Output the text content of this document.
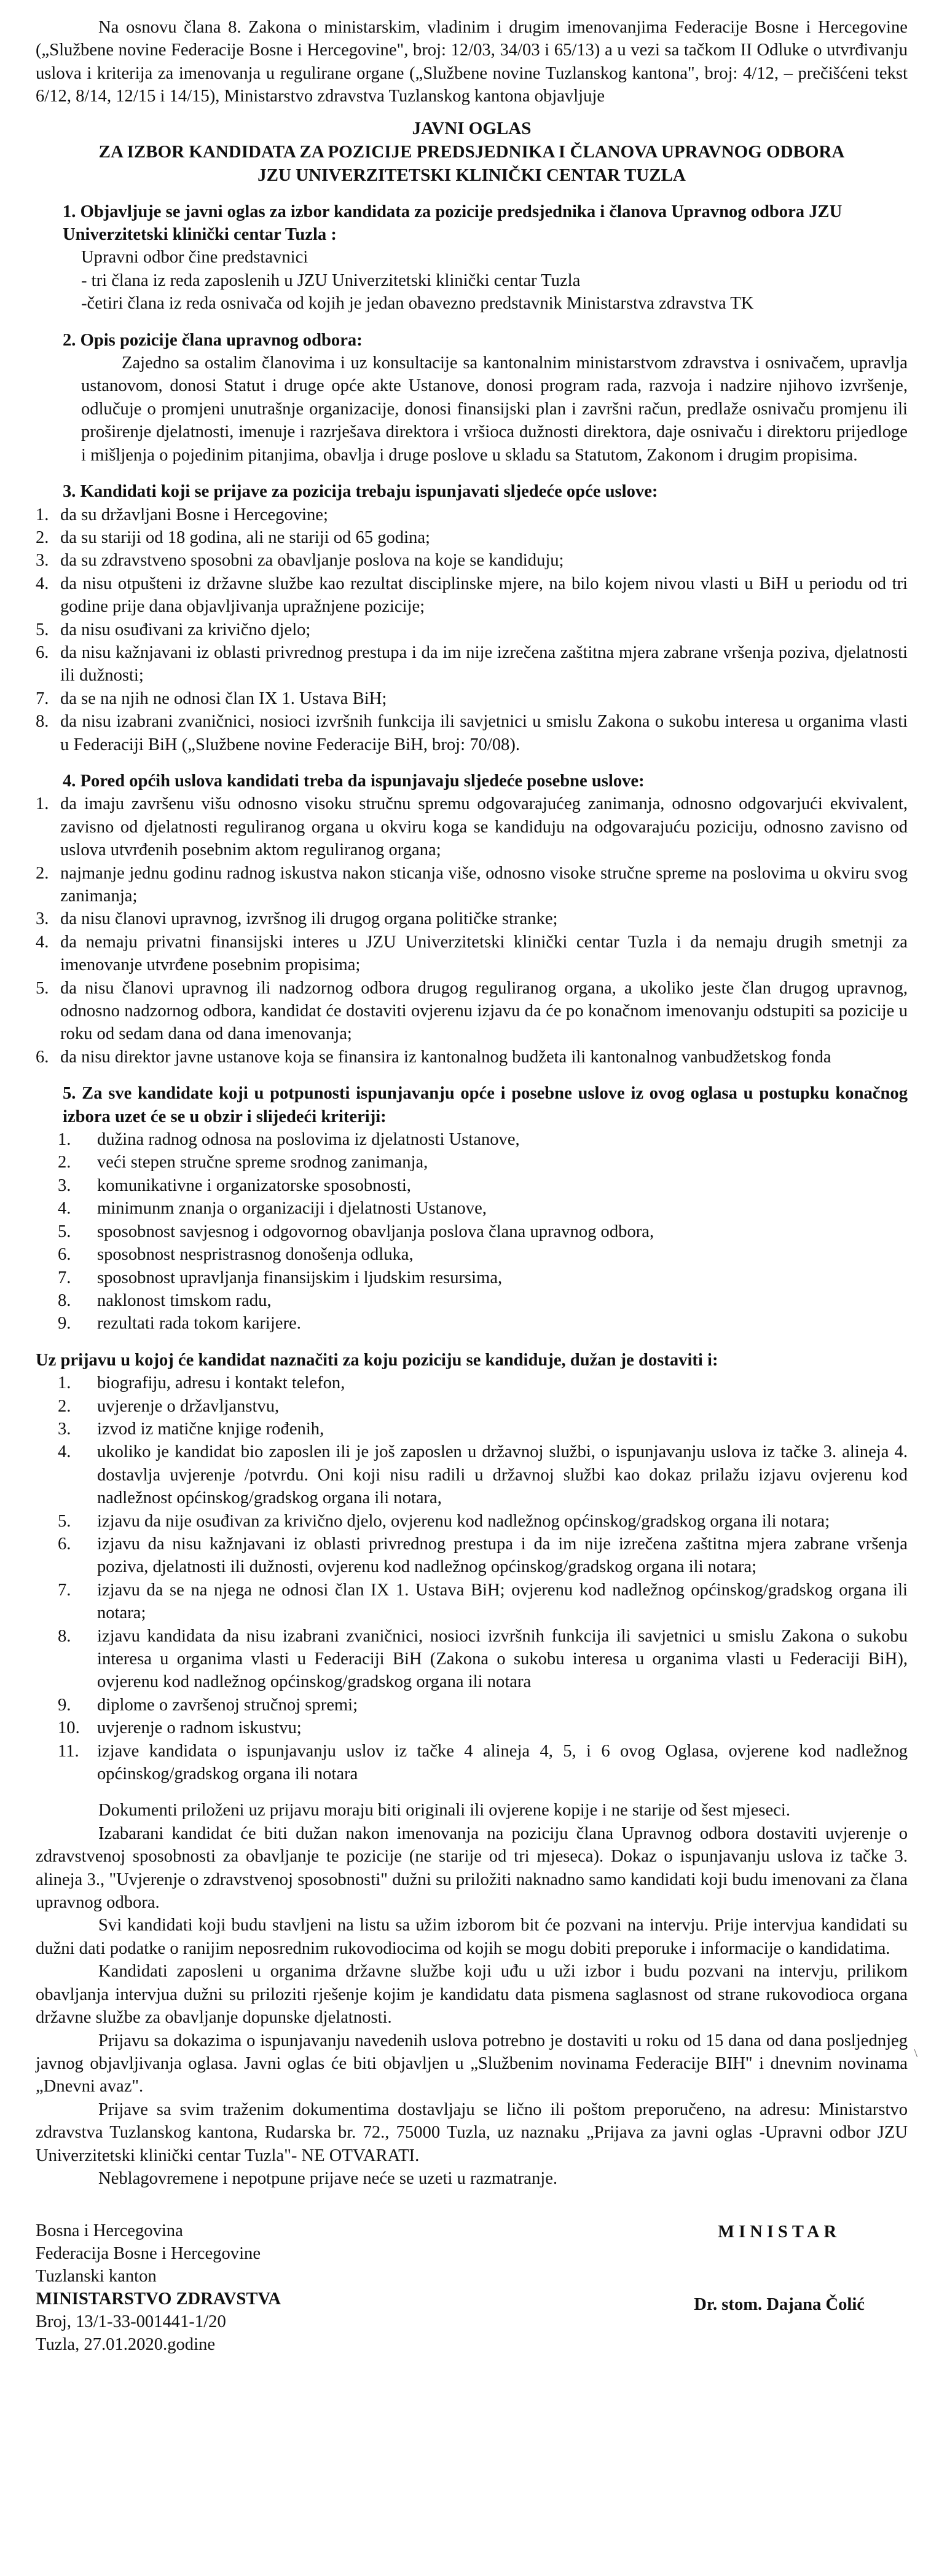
Na osnovu člana 8. Zakona o ministarskim, vladinim i drugim imenovanjima Federacije Bosne i Hercegovine („Službene novine Federacije Bosne i Hercegovine", broj: 12/03, 34/03 i 65/13) a u vezi sa tačkom II Odluke o utvrđivanju uslova i kriterija za imenovanja u regulirane organe („Službene novine Tuzlanskog kantona", broj: 4/12, – prečišćeni tekst 6/12, 8/14, 12/15 i 14/15), Ministarstvo zdravstva Tuzlanskog kantona objavljuje

JAVNI OGLAS
ZA IZBOR KANDIDATA ZA POZICIJE PREDSJEDNIKA I ČLANOVA UPRAVNOG ODBORA
JZU UNIVERZITETSKI KLINIČKI CENTAR TUZLA

1. Objavljuje se javni oglas za izbor kandidata za pozicije predsjednika i članova Upravnog odbora JZU Univerzitetski klinički centar Tuzla :

Upravni odbor čine predstavnici

- tri člana iz reda zaposlenih u JZU Univerzitetski klinički centar Tuzla

-četiri člana iz reda osnivača od kojih je jedan obavezno predstavnik Ministarstva zdravstva TK

2. Opis pozicije člana upravnog odbora:

Zajedno sa ostalim članovima i uz konsultacije sa kantonalnim ministarstvom zdravstva i osnivačem, upravlja ustanovom, donosi Statut i druge opće akte Ustanove, donosi program rada, razvoja i nadzire njihovo izvršenje, odlučuje o promjeni unutrašnje organizacije, donosi finansijski plan i završni račun, predlaže osnivaču promjenu ili proširenje djelatnosti, imenuje i razrješava direktora i vršioca dužnosti direktora, daje osnivaču i direktoru prijedloge i mišljenja o pojedinim pitanjima, obavlja i druge poslove u skladu sa Statutom, Zakonom i drugim propisima.

3. Kandidati koji se prijave za pozicija trebaju ispunjavati sljedeće opće uslove:

1. da su državljani Bosne i Hercegovine;
2. da su stariji od 18 godina, ali ne stariji od 65 godina;
3. da su zdravstveno sposobni za obavljanje poslova na koje se kandiduju;
4. da nisu otpušteni iz državne službe kao rezultat disciplinske mjere, na bilo kojem nivou vlasti u BiH u periodu od tri godine prije dana objavljivanja upražnjene pozicije;
5. da nisu osuđivani za krivično djelo;
6. da nisu kažnjavani iz oblasti privrednog prestupa i da im nije izrečena zaštitna mjera zabrane vršenja poziva, djelatnosti ili dužnosti;
7. da se na njih ne odnosi član IX 1. Ustava BiH;
8. da nisu izabrani zvaničnici, nosioci izvršnih funkcija ili savjetnici u smislu Zakona o sukobu interesa u organima vlasti u Federaciji BiH („Službene novine Federacije BiH, broj: 70/08).

4. Pored općih uslova kandidati treba da ispunjavaju sljedeće posebne uslove:

1. da imaju završenu višu odnosno visoku stručnu spremu odgovarajućeg zanimanja, odnosno odgovarjući ekvivalent, zavisno od djelatnosti reguliranog organa u okviru koga se kandiduju na odgovarajuću poziciju, odnosno zavisno od uslova utvrđenih posebnim aktom reguliranog organa;
2. najmanje jednu godinu radnog iskustva nakon sticanja više, odnosno visoke stručne spreme na poslovima u okviru svog zanimanja;
3. da nisu članovi upravnog, izvršnog ili drugog organa političke stranke;
4. da nemaju privatni finansijski interes u JZU Univerzitetski klinički centar Tuzla i da nemaju drugih smetnji za imenovanje utvrđene posebnim propisima;
5. da nisu članovi upravnog ili nadzornog odbora drugog reguliranog organa, a ukoliko jeste član drugog upravnog, odnosno nadzornog odbora, kandidat će dostaviti ovjerenu izjavu da će po konačnom imenovanju odstupiti sa pozicije u roku od sedam dana od dana imenovanja;
6. da nisu direktor javne ustanove koja se finansira iz kantonalnog budžeta ili kantonalnog vanbudžetskog fonda

5. Za sve kandidate koji u potpunosti ispunjavanju opće i posebne uslove iz ovog oglasa u postupku konačnog izbora uzet će se u obzir i slijedeći kriteriji:

1.	dužina radnog odnosa na poslovima iz djelatnosti Ustanove,
2.	veći stepen stručne spreme srodnog zanimanja,
3.	komunikativne i organizatorske sposobnosti,
4.	minimunm znanja o organizaciji i djelatnosti Ustanove,
5.	sposobnost savjesnog i odgovornog obavljanja poslova člana upravnog odbora,
6.	sposobnost nespristrasnog donošenja odluka,
7.	sposobnost upravljanja finansijskim i ljudskim resursima,
8.	naklonost timskom radu,
9.	rezultati rada tokom karijere.

Uz prijavu u kojoj će kandidat naznačiti za koju poziciju se kandiduje, dužan je dostaviti i:

1.	biografiju, adresu i kontakt telefon,
2.	uvjerenje o državljanstvu,
3.	izvod iz matične knjige rođenih,
4.	ukoliko je kandidat bio zaposlen ili je još zaposlen u državnoj službi, o ispunjavanju uslova iz tačke 3. alineja 4. dostavlja uvjerenje /potvrdu. Oni koji nisu radili u državnoj službi kao dokaz prilažu izjavu ovjerenu kod nadležnost općinskog/gradskog organa ili notara,
5.	izjavu da nije osuđivan za krivično djelo, ovjerenu kod nadležnog općinskog/gradskog organa ili notara;
6.	izjavu da nisu kažnjavani iz oblasti privrednog prestupa i da im nije izrečena zaštitna mjera zabrane vršenja poziva, djelatnosti ili dužnosti, ovjerenu kod nadležnog općinskog/gradskog organa ili notara;
7.	izjavu da se na njega ne odnosi član IX 1. Ustava BiH; ovjerenu kod nadležnog općinskog/gradskog organa ili notara;
8.	izjavu kandidata da nisu izabrani zvaničnici, nosioci izvršnih funkcija ili savjetnici u smislu Zakona o sukobu interesa u organima vlasti u Federaciji BiH (Zakona o sukobu interesa u organima vlasti u Federaciji BiH), ovjerenu kod nadležnog općinskog/gradskog organa ili notara
9.	diplome o završenoj stručnoj spremi;
10. uvjerenje o radnom iskustvu;
11.	izjave kandidata o ispunjavanju uslov iz tačke 4 alineja 4, 5, i 6 ovog Oglasa, ovjerene kod nadležnog općinskog/gradskog organa ili notara

Dokumenti priloženi uz prijavu moraju biti originali ili ovjerene kopije i ne starije od šest mjeseci.

Izabarani kandidat će biti dužan nakon imenovanja na poziciju člana Upravnog odbora dostaviti uvjerenje o zdravstvenoj sposobnosti za obavljanje te pozicije (ne starije od tri mjeseca). Dokaz o ispunjavanju uslova iz tačke 3. alineja 3., "Uvjerenje o zdravstvenoj sposobnosti" dužni su priložiti naknadno samo kandidati koji budu imenovani za člana upravnog odbora.

Svi kandidati koji budu stavljeni na listu sa užim izborom bit će pozvani na intervju. Prije intervjua kandidati su dužni dati podatke o ranijim neposrednim rukovodiocima od kojih se mogu dobiti preporuke i informacije o kandidatima.

Kandidati zaposleni u organima državne službe koji uđu u uži izbor i budu pozvani na intervju, prilikom obavljanja intervjua dužni su priloziti rješenje kojim je kandidatu data pismena saglasnost od strane rukovodioca organa državne službe za obavljanje dopunske djelatnosti.

Prijavu sa dokazima o ispunjavanju navedenih uslova potrebno je dostaviti u roku od 15 dana od dana posljednjeg javnog objavljivanja oglasa. Javni oglas će biti objavljen u „Službenim novinama Federacije BIH" i dnevnim novinama „Dnevni avaz".

Prijave sa svim traženim dokumentima dostavljaju se lično ili poštom preporučeno, na adresu: Ministarstvo zdravstva Tuzlanskog kantona, Rudarska br. 72., 75000 Tuzla, uz naznaku „Prijava za javni oglas -Upravni odbor JZU Univerzitetski klinički centar Tuzla"- NE OTVARATI.

Neblagovremene i nepotpune prijave neće se uzeti u razmatranje.

Bosna i Hercegovina
Federacija Bosne i Hercegovine
Tuzlanski kanton
MINISTARSTVO ZDRAVSTVA
Broj, 13/1-33-001441-1/20
Tuzla, 27.01.2020.godine
MINISTAR
Dr. stom. Dajana Čolić
\
